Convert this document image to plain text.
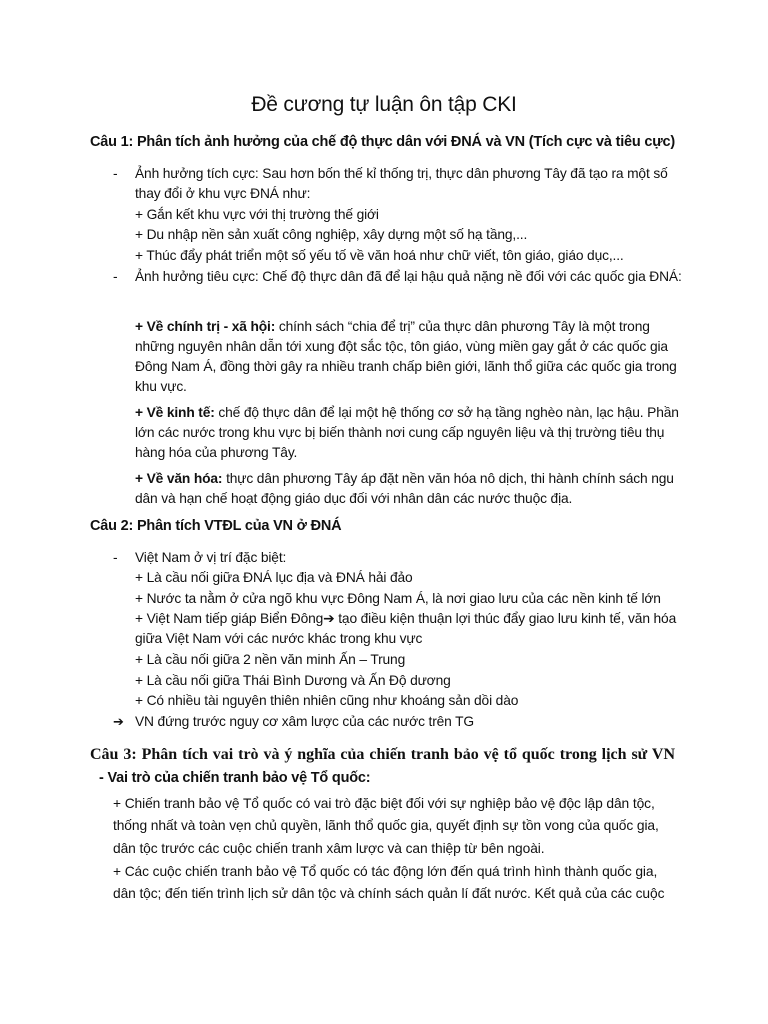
Đề cương tự luận ôn tập CKI
Câu 1: Phân tích ảnh hưởng của chế độ thực dân với ĐNÁ và VN (Tích cực và tiêu cực)
-	Ảnh hưởng tích cực: Sau hơn bốn thế kỉ thống trị, thực dân phương Tây đã tạo ra một số thay đổi ở khu vực ĐNÁ như:
+ Gắn kết khu vực với thị trường thế giới
+ Du nhập nền sản xuất công nghiệp, xây dựng một số hạ tầng,...
+ Thúc đẩy phát triển một số yếu tố về văn hoá như chữ viết, tôn giáo, giáo dục,...
-	Ảnh hưởng tiêu cực: Chế độ thực dân đã để lại hậu quả nặng nề đối với các quốc gia ĐNÁ:
+ Về chính trị - xã hội: chính sách “chia để trị” của thực dân phương Tây là một trong những nguyên nhân dẫn tới xung đột sắc tộc, tôn giáo, vùng miền gay gắt ở các quốc gia Đông Nam Á, đồng thời gây ra nhiều tranh chấp biên giới, lãnh thổ giữa các quốc gia trong khu vực.
+ Về kinh tế: chế độ thực dân để lại một hệ thống cơ sở hạ tầng nghèo nàn, lạc hậu. Phần lớn các nước trong khu vực bị biến thành nơi cung cấp nguyên liệu và thị trường tiêu thụ hàng hóa của phương Tây.
+ Về văn hóa: thực dân phương Tây áp đặt nền văn hóa nô dịch, thi hành chính sách ngu dân và hạn chế hoạt động giáo dục đối với nhân dân các nước thuộc địa.
Câu 2: Phân tích VTĐL của VN ở ĐNÁ
-	Việt Nam ở vị trí đặc biệt:
+ Là cầu nối giữa ĐNÁ lục địa và ĐNÁ hải đảo
+ Nước ta nằm ở cửa ngõ khu vực Đông Nam Á, là nơi giao lưu của các nền kinh tế lớn
+ Việt Nam tiếp giáp Biển Đông➔ tạo điều kiện thuận lợi thúc đẩy giao lưu kinh tế, văn hóa giữa Việt Nam với các nước khác trong khu vực
+ Là cầu nối giữa 2 nền văn minh Ấn – Trung
+ Là cầu nối giữa Thái Bình Dương và Ấn Độ dương
+ Có nhiều tài nguyên thiên nhiên cũng như khoáng sản dồi dào
➔ VN đứng trước nguy cơ xâm lược của các nước trên TG
Câu 3: Phân tích vai trò và ý nghĩa của chiến tranh bảo vệ tổ quốc trong lịch sử VN
- Vai trò của chiến tranh bảo vệ Tổ quốc:
+ Chiến tranh bảo vệ Tổ quốc có vai trò đặc biệt đối với sự nghiệp bảo vệ độc lập dân tộc, thống nhất và toàn vẹn chủ quyền, lãnh thổ quốc gia, quyết định sự tồn vong của quốc gia, dân tộc trước các cuộc chiến tranh xâm lược và can thiệp từ bên ngoài.
+ Các cuộc chiến tranh bảo vệ Tổ quốc có tác động lớn đến quá trình hình thành quốc gia, dân tộc; đến tiến trình lịch sử dân tộc và chính sách quản lí đất nước. Kết quả của các cuộc
